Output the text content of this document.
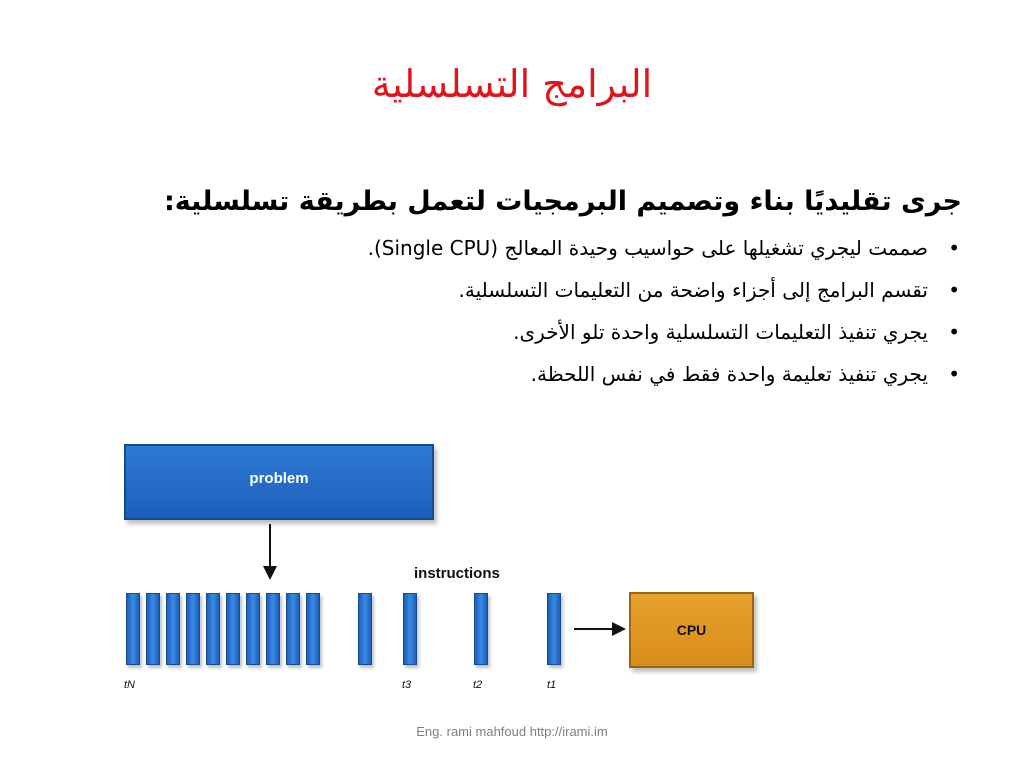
البرامج التسلسلية
جرى تقليديًا بناء وتصميم البرمجيات لتعمل بطريقة تسلسلية:
•
صممت ليجري تشغيلها على حواسيب وحيدة المعالج (Single CPU).
•
تقسم البرامج إلى أجزاء واضحة من التعليمات التسلسلية.
•
يجري تنفيذ التعليمات التسلسلية واحدة تلو الأخرى.
•
يجري تنفيذ تعليمة واحدة فقط في نفس اللحظة.
problem
instructions
tN	t3	t2	t1
CPU
Eng. rami mahfoud http://irami.im
